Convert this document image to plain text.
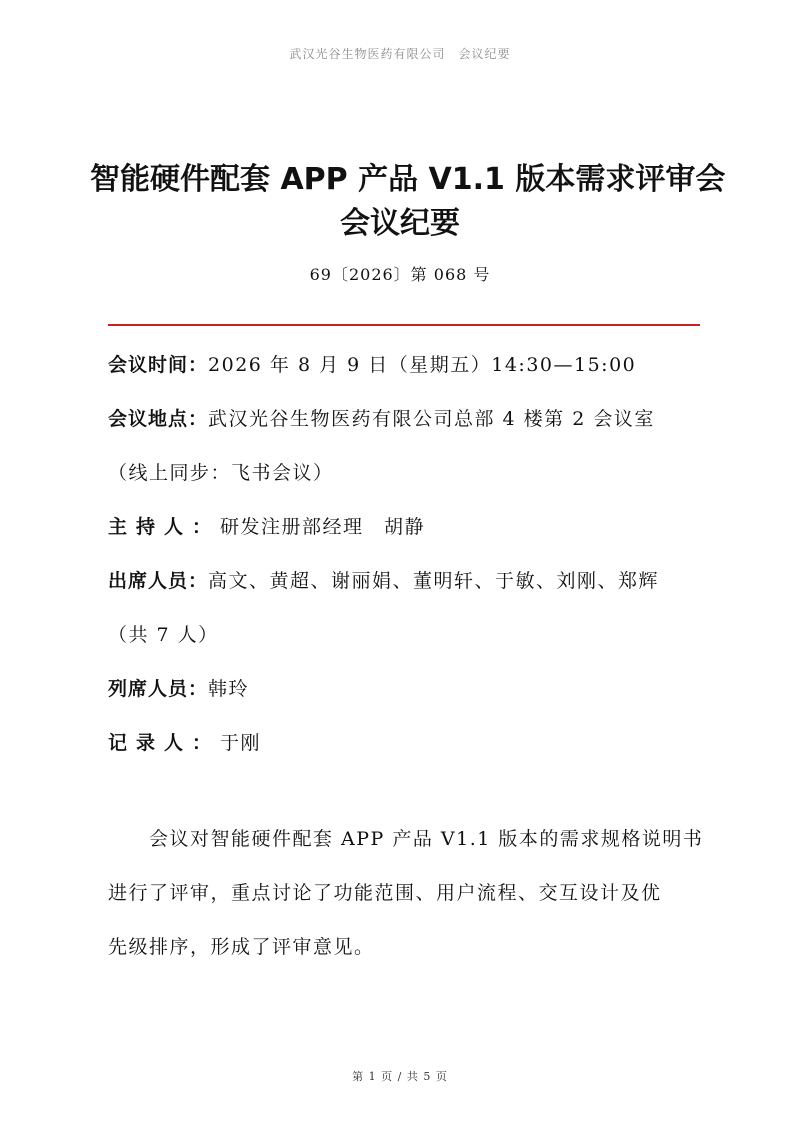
武汉光谷生物医药有限公司　会议纪要
智能硬件配套 APP 产品 V1.1 版本需求评审会
会议纪要
69〔2026〕第 068 号
会议时间：2026 年 8 月 9 日（星期五）14:30—15:00
会议地点：武汉光谷生物医药有限公司总部 4 楼第 2 会议室
（线上同步：飞书会议）
主持人：研发注册部经理　胡静
出席人员：高文、黄超、谢丽娟、董明轩、于敏、刘刚、郑辉
（共 7 人）
列席人员：韩玲
记录人：于刚
　　会议对智能硬件配套 APP 产品 V1.1 版本的需求规格说明书
进行了评审，重点讨论了功能范围、用户流程、交互设计及优
先级排序，形成了评审意见。
第 1 页 / 共 5 页
